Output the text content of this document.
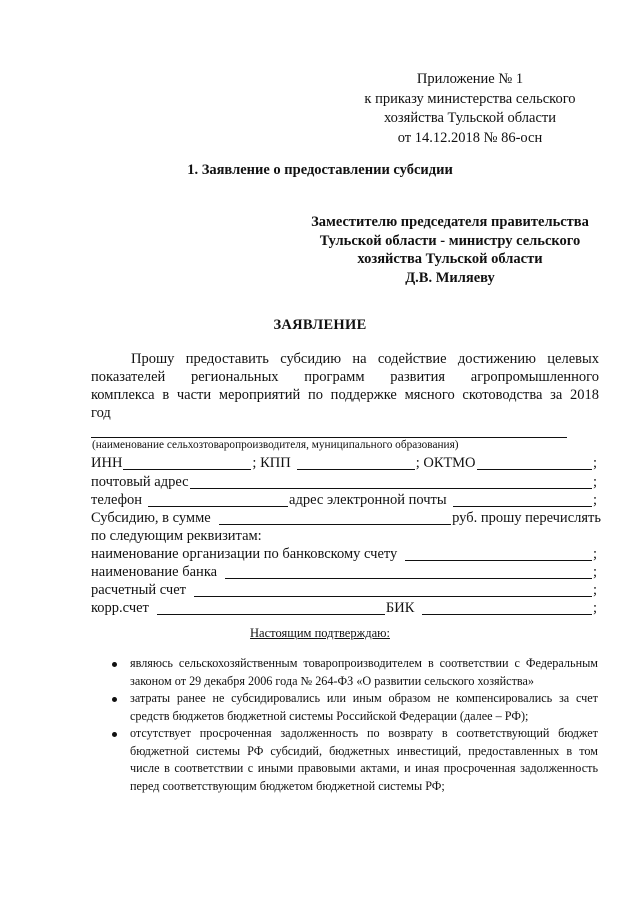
Приложение № 1
к приказу министерства сельского
хозяйства Тульской области
от 14.12.2018 № 86-осн
1. Заявление о предоставлении субсидии
Заместителю председателя правительства
Тульской области - министру сельского
хозяйства Тульской области
Д.В. Миляеву
ЗАЯВЛЕНИЕ
Прошу предоставить субсидию на содействие достижению целевых
показателей региональных программ развития агропромышленного
комплекса в части мероприятий по поддержке мясного скотоводства за 2018
год
(наименование сельхозтоваропроизводителя, муниципального образования)
ИНН	; КПП	; ОКТМО	;
почтовый адрес	;
телефон	адрес электронной почты	;
Субсидию, в сумме	руб. прошу перечислять
по следующим реквизитам:
наименование организации по банковскому счету	;
наименование банка	;
расчетный счет	;
корр.счет	БИК	;
Настоящим подтверждаю:

являюсь сельскохозяйственным товаропроизводителем в соответствии с Федеральным законом от 29 декабря 2006 года № 264-ФЗ «О развитии сельского хозяйства»

затраты ранее не субсидировались или иным образом не компенсировались за счет средств бюджетов бюджетной системы Российской Федерации (далее – РФ);

отсутствует просроченная задолженность по возврату в соответствующий бюджет бюджетной системы РФ субсидий, бюджетных инвестиций, предоставленных в том числе в соответствии с иными правовыми актами, и иная просроченная задолженность перед соответствующим бюджетом бюджетной системы РФ;
